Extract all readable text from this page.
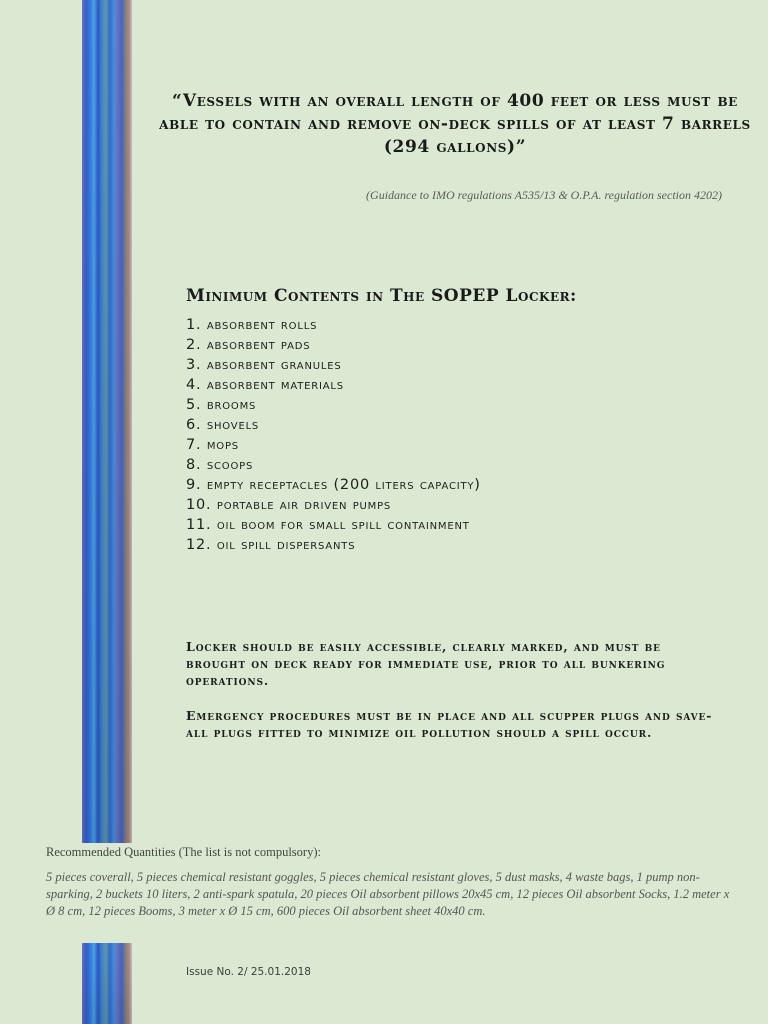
“Vessels with an overall length of 400 feet or less must be able to contain and remove on-deck spills of at least 7 barrels (294 gallons)”
(Guidance to IMO regulations A535/13 & O.P.A. regulation section 4202)
Minimum Contents in The SOPEP Locker:
1. absorbent rolls
2. absorbent pads
3. absorbent granules
4. absorbent materials
5. brooms
6. shovels
7. mops
8. scoops
9. empty receptacles (200 liters capacity)
10. portable air driven pumps
11. oil boom for small spill containment
12. oil spill dispersants
Locker should be easily accessible, clearly marked, and must be brought on deck ready for immediate use, prior to all bunkering operations.
Emergency procedures must be in place and all scupper plugs and save-all plugs fitted to minimize oil pollution should a spill occur.
Recommended Quantities (The list is not compulsory):
5 pieces coverall, 5 pieces chemical resistant goggles, 5 pieces chemical resistant gloves, 5 dust masks, 4 waste bags, 1 pump non-sparking, 2 buckets 10 liters, 2 anti-spark spatula, 20 pieces Oil absorbent pillows 20x45 cm, 12 pieces Oil absorbent Socks, 1.2 meter x Ø 8 cm, 12 pieces Booms, 3 meter x Ø 15 cm, 600 pieces Oil absorbent sheet 40x40 cm.
Issue No. 2/ 25.01.2018
